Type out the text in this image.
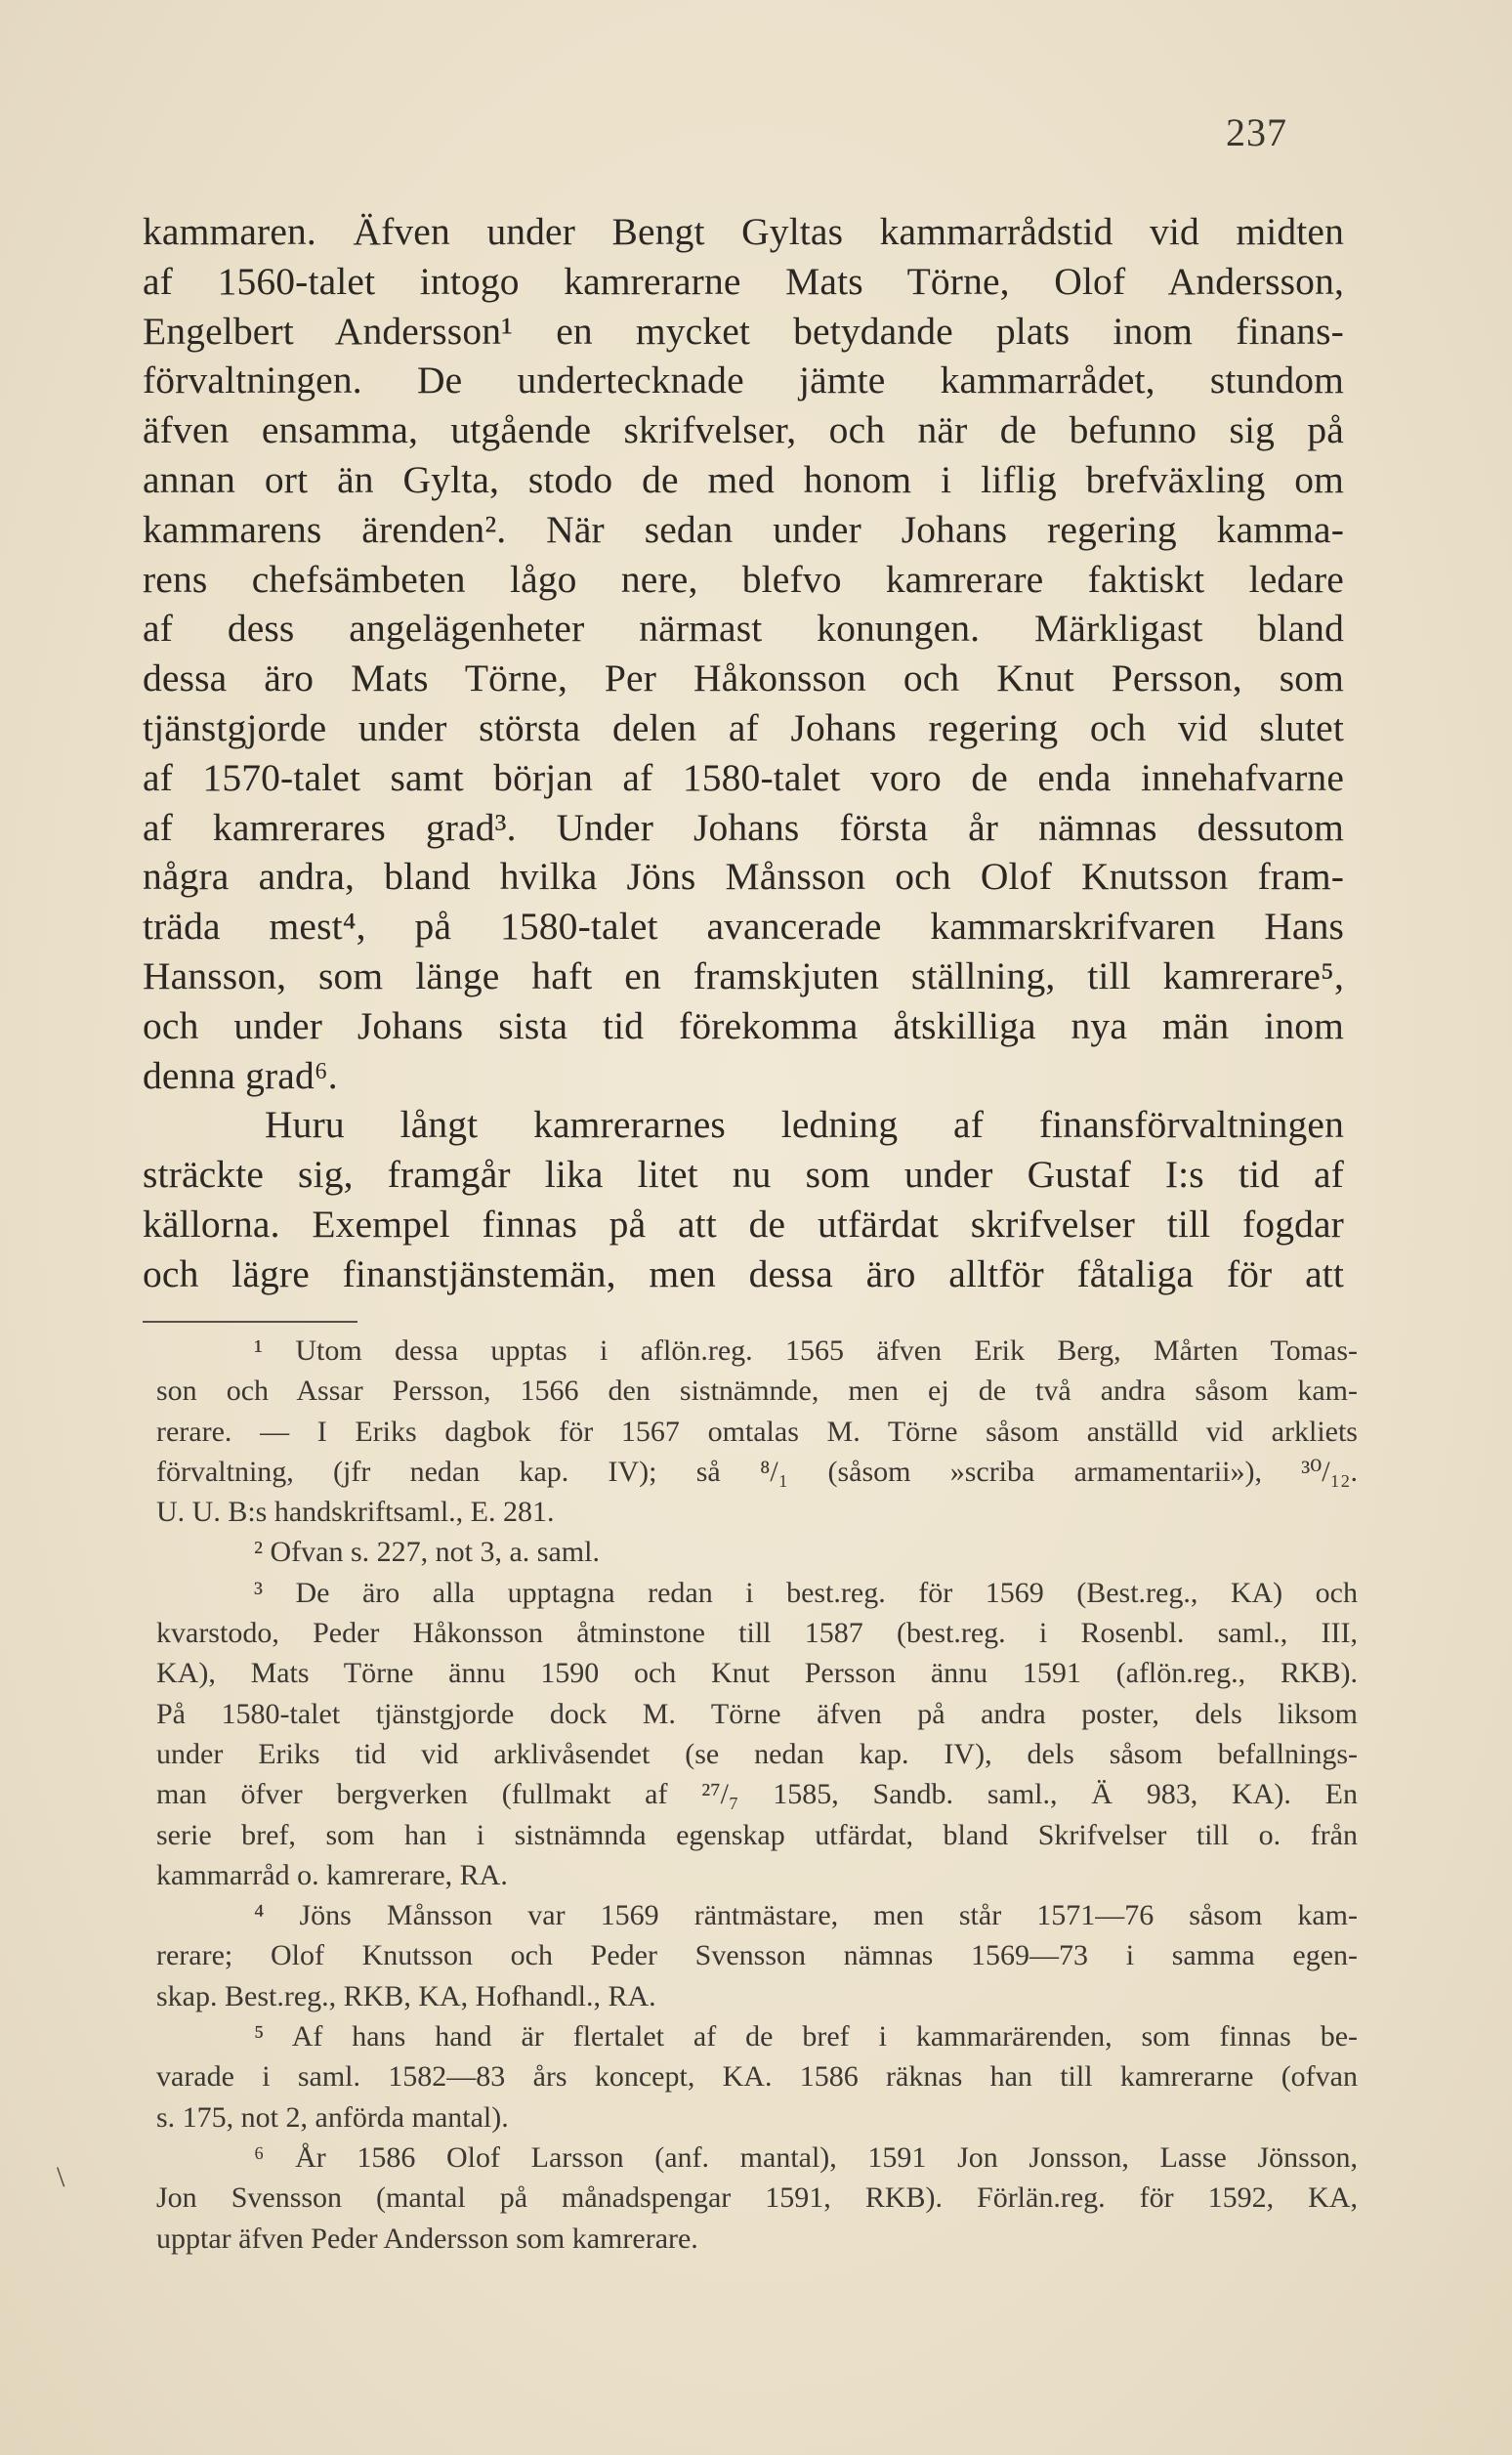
237
kammaren. Äfven under Bengt Gyltas kammarrådstid vid midten
af 1560-talet intogo kamrerarne Mats Törne, Olof Andersson,
Engelbert Andersson¹ en mycket betydande plats inom finans-
förvaltningen. De undertecknade jämte kammarrådet, stundom
äfven ensamma, utgående skrifvelser, och när de befunno sig på
annan ort än Gylta, stodo de med honom i liflig brefväxling om
kammarens ärenden². När sedan under Johans regering kamma-
rens chefsämbeten lågo nere, blefvo kamrerare faktiskt ledare
af dess angelägenheter närmast konungen. Märkligast bland
dessa äro Mats Törne, Per Håkonsson och Knut Persson, som
tjänstgjorde under största delen af Johans regering och vid slutet
af 1570-talet samt början af 1580-talet voro de enda innehafvarne
af kamrerares grad³. Under Johans första år nämnas dessutom
några andra, bland hvilka Jöns Månsson och Olof Knutsson fram-
träda mest⁴, på 1580-talet avancerade kammarskrifvaren Hans
Hansson, som länge haft en framskjuten ställning, till kamrerare⁵,
och under Johans sista tid förekomma åtskilliga nya män inom
denna grad⁶.
Huru långt kamrerarnes ledning af finansförvaltningen
sträckte sig, framgår lika litet nu som under Gustaf I:s tid af
källorna. Exempel finnas på att de utfärdat skrifvelser till fogdar
och lägre finanstjänstemän, men dessa äro alltför fåtaliga för att
¹ Utom dessa upptas i aflön.reg. 1565 äfven Erik Berg, Mårten Tomas-
son och Assar Persson, 1566 den sistnämnde, men ej de två andra såsom kam-
rerare. — I Eriks dagbok för 1567 omtalas M. Törne såsom anställd vid arkliets
förvaltning, (jfr nedan kap. IV); så ⁸/₁ (såsom »scriba armamentarii»), ³⁰/₁₂.
U. U. B:s handskriftsaml., E. 281.
² Ofvan s. 227, not 3, a. saml.
³ De äro alla upptagna redan i best.reg. för 1569 (Best.reg., KA) och
kvarstodo, Peder Håkonsson åtminstone till 1587 (best.reg. i Rosenbl. saml., III,
KA), Mats Törne ännu 1590 och Knut Persson ännu 1591 (aflön.reg., RKB).
På 1580-talet tjänstgjorde dock M. Törne äfven på andra poster, dels liksom
under Eriks tid vid arklivåsendet (se nedan kap. IV), dels såsom befallnings-
man öfver bergverken (fullmakt af ²⁷/₇ 1585, Sandb. saml., Ä 983, KA). En
serie bref, som han i sistnämnda egenskap utfärdat, bland Skrifvelser till o. från
kammarråd o. kamrerare, RA.
⁴ Jöns Månsson var 1569 räntmästare, men står 1571—76 såsom kam-
rerare; Olof Knutsson och Peder Svensson nämnas 1569—73 i samma egen-
skap. Best.reg., RKB, KA, Hofhandl., RA.
⁵ Af hans hand är flertalet af de bref i kammarärenden, som finnas be-
varade i saml. 1582—83 års koncept, KA. 1586 räknas han till kamrerarne (ofvan
s. 175, not 2, anförda mantal).
⁶ År 1586 Olof Larsson (anf. mantal), 1591 Jon Jonsson, Lasse Jönsson,
Jon Svensson (mantal på månadspengar 1591, RKB). Förlän.reg. för 1592, KA,
upptar äfven Peder Andersson som kamrerare.
\
